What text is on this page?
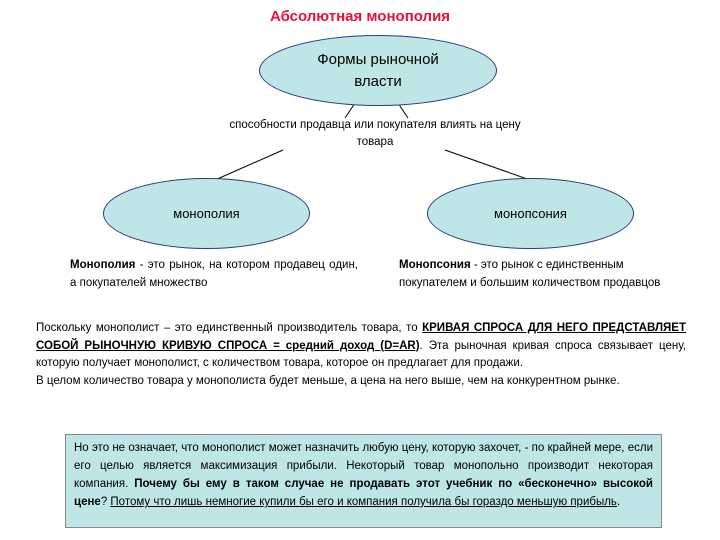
Абсолютная монополия
Формы рыночной власти
способности продавца или покупателя влиять на цену товара
монополия	монопсония
Монополия - это рынок, на котором продавец один, а покупателей множество
Монопсония - это рынок с единственным покупателем и большим количеством продавцов

Поскольку монополист – это единственный производитель товара, то КРИВАЯ СПРОСА ДЛЯ НЕГО ПРЕДСТАВЛЯЕТ СОБОЙ РЫНОЧНУЮ КРИВУЮ СПРОСА = средний доход (D=AR). Эта рыночная кривая спроса связывает цену, которую получает монополист, с количеством товара, которое он предлагает для продажи.

В целом количество товара у монополиста будет меньше, а цена на него выше, чем на конкурентном рынке.

Но это не означает, что монополист может назначить любую цену, которую захочет, - по крайней мере, если его целью является максимизация прибыли. Некоторый товар монопольно производит некоторая компания. Почему бы ему в таком случае не продавать этот учебник по «бесконечно» высокой цене? Потому что лишь немногие купили бы его и компания получила бы гораздо меньшую прибыль.
